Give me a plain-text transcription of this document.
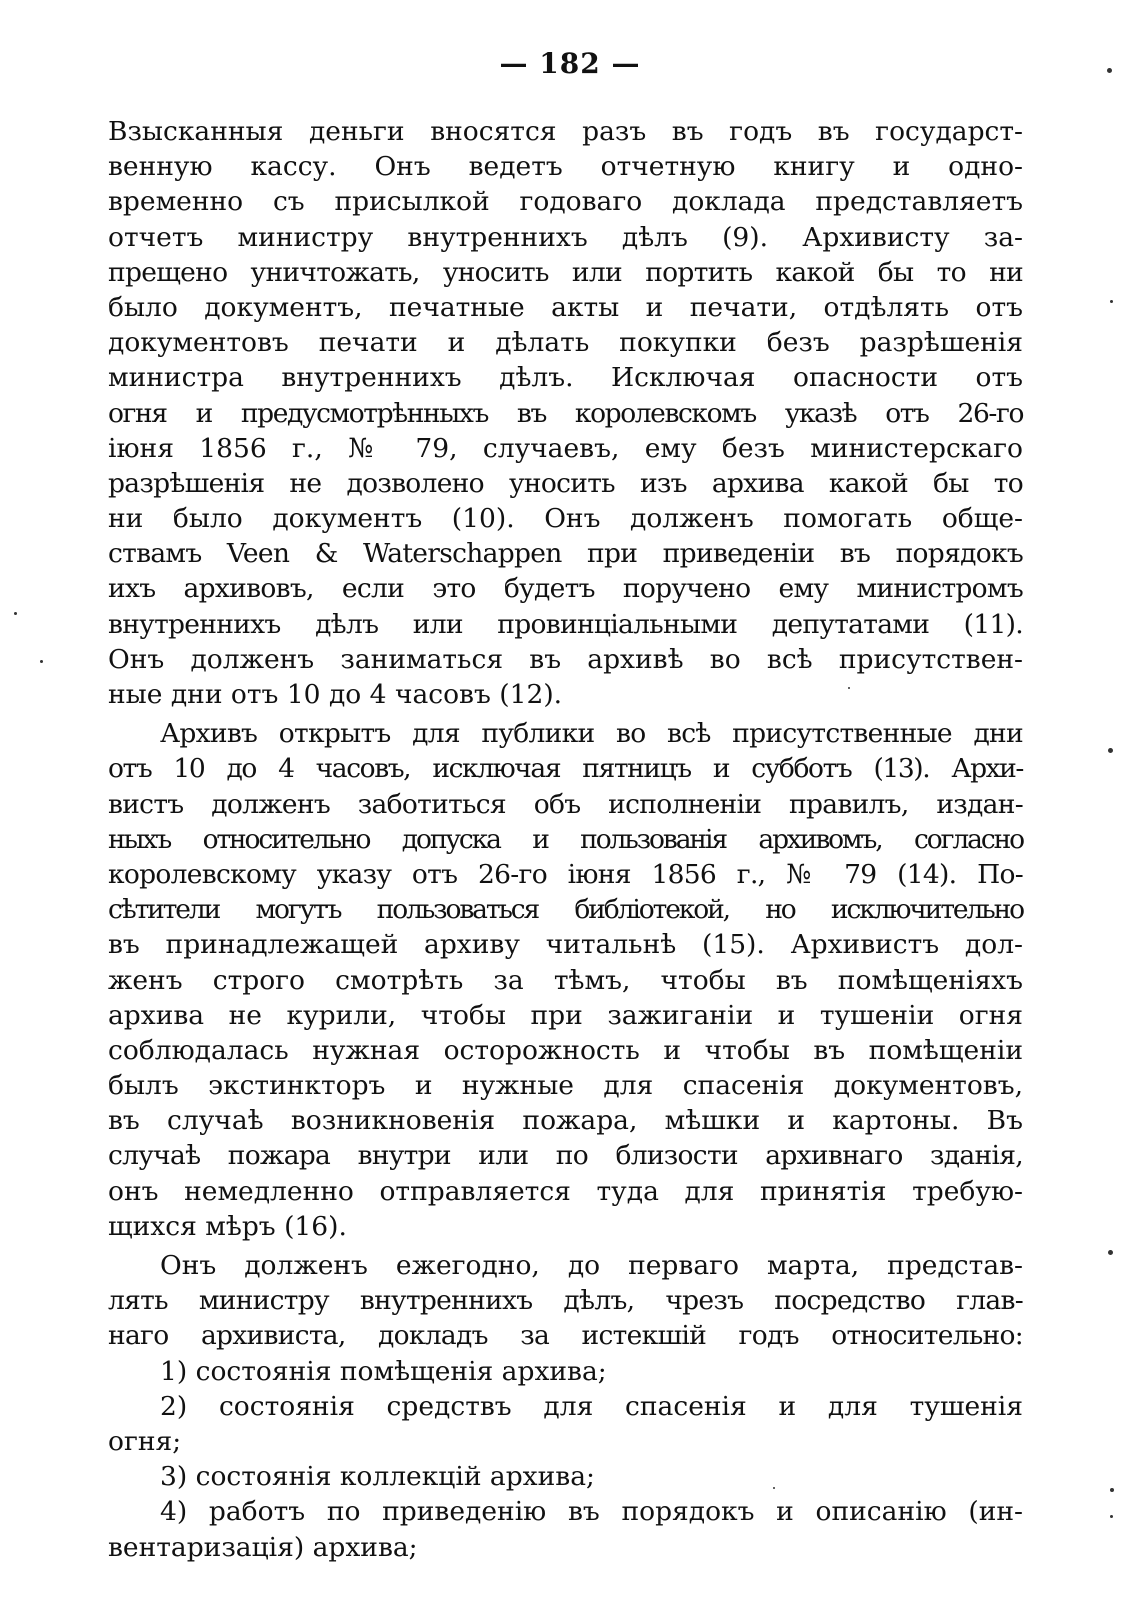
— 182 —
Взысканныя деньги вносятся разъ въ годъ въ государст-
венную кассу. Онъ ведетъ отчетную книгу и одно-
временно съ присылкой годоваго доклада представляетъ
отчетъ министру внутреннихъ дѣлъ (9). Архивисту за-
прещено уничтожать, уносить или портить какой бы то ни
было документъ, печатные акты и печати, отдѣлять отъ
документовъ печати и дѣлать покупки безъ разрѣшенія
министра внутреннихъ дѣлъ. Исключая опасности отъ
огня и предусмотрѣнныхъ въ королевскомъ указѣ отъ 26-го
іюня 1856 г., № 79, случаевъ, ему безъ министерскаго
разрѣшенія не дозволено уносить изъ архива какой бы то
ни было документъ (10). Онъ долженъ помогать обще-
ствамъ Veen & Waterschappen при приведеніи въ порядокъ
ихъ архивовъ, если это будетъ поручено ему министромъ
внутреннихъ дѣлъ или провинціальными депутатами (11).
Онъ долженъ заниматься въ архивѣ во всѣ присутствен-
ные дни отъ 10 до 4 часовъ (12).
Архивъ открытъ для публики во всѣ присутственные дни
отъ 10 до 4 часовъ, исключая пятницъ и субботъ (13). Архи-
вистъ долженъ заботиться объ исполненіи правилъ, издан-
ныхъ относительно допуска и пользованія архивомъ, согласно
королевскому указу отъ 26-го іюня 1856 г., № 79 (14). По-
сѣтители могутъ пользоваться библіотекой, но исключительно
въ принадлежащей архиву читальнѣ (15). Архивистъ дол-
женъ строго смотрѣть за тѣмъ, чтобы въ помѣщеніяхъ
архива не курили, чтобы при зажиганіи и тушеніи огня
соблюдалась нужная осторожность и чтобы въ помѣщеніи
былъ экстинкторъ и нужные для спасенія документовъ,
въ случаѣ возникновенія пожара, мѣшки и картоны. Въ
случаѣ пожара внутри или по близости архивнаго зданія,
онъ немедленно отправляется туда для принятія требую-
щихся мѣръ (16).
Онъ долженъ ежегодно, до перваго марта, представ-
лять министру внутреннихъ дѣлъ, чрезъ посредство глав-
наго архивиста, докладъ за истекшій годъ относительно:
1) состоянія помѣщенія архива;
2) состоянія средствъ для спасенія и для тушенія
огня;
3) состоянія коллекцій архива;
4) работъ по приведенію въ порядокъ и описанію (ин-
вентаризація) архива;
